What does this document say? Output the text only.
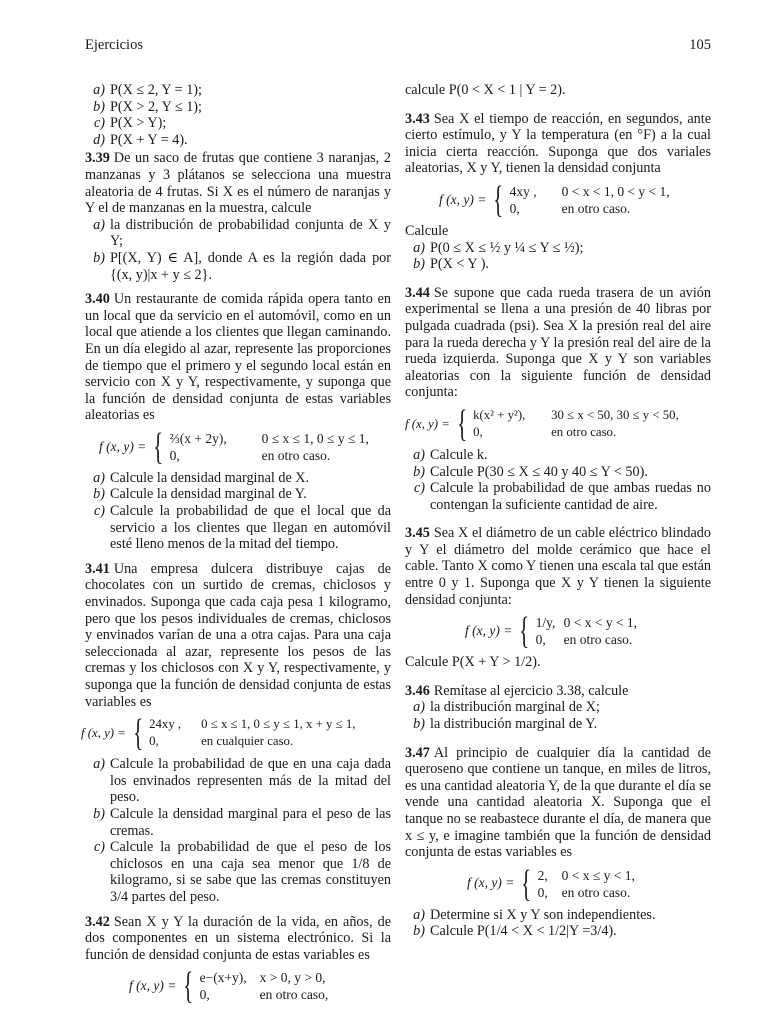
Ejercicios	105
a) P(X ≤ 2, Y = 1);
b) P(X > 2, Y ≤ 1);
c) P(X > Y);
d) P(X + Y = 4).

3.39 De un saco de frutas que contiene 3 naranjas, 2 manzanas y 3 plátanos se selecciona una muestra aleatoria de 4 frutas. Si X es el número de naranjas y Y el de manzanas en la muestra, calcule

a) la distribución de probabilidad conjunta de X y Y;
b) P[(X, Y) ∈ A], donde A es la región dada por {(x, y)|x + y ≤ 2}.

3.40 Un restaurante de comida rápida opera tanto en un local que da servicio en el automóvil, como en un local que atiende a los clientes que llegan caminando. En un día elegido al azar, represente las proporciones de tiempo que el primero y el segundo local están en servicio con X y Y, respectivamente, y suponga que la función de densidad conjunta de estas variables aleatorias es

f (x, y) = { ⅔(x + 2y),	0 ≤ x ≤ 1, 0 ≤ y ≤ 1,
0,	en otro caso.
a) Calcule la densidad marginal de X.
b) Calcule la densidad marginal de Y.
c) Calcule la probabilidad de que el local que da servicio a los clientes que llegan en automóvil esté lleno menos de la mitad del tiempo.

3.41 Una empresa dulcera distribuye cajas de chocolates con un surtido de cremas, chiclosos y envinados. Suponga que cada caja pesa 1 kilogramo, pero que los pesos individuales de cremas, chiclosos y envinados varían de una a otra cajas. Para una caja seleccionada al azar, represente los pesos de las cremas y los chiclosos con X y Y, respectivamente, y suponga que la función de densidad conjunta de estas variables es

f (x, y) = { 24xy ,	0 ≤ x ≤ 1, 0 ≤ y ≤ 1, x + y ≤ 1,
0,	en cualquier caso.
a) Calcule la probabilidad de que en una caja dada los envinados representen más de la mitad del peso.
b) Calcule la densidad marginal para el peso de las cremas.
c) Calcule la probabilidad de que el peso de los chiclosos en una caja sea menor que 1/8 de kilogramo, si se sabe que las cremas constituyen 3/4 partes del peso.

3.42 Sean X y Y la duración de la vida, en años, de dos componentes en un sistema electrónico. Si la función de densidad conjunta de estas variables es

f (x, y) = { e−(x+y), x > 0, y > 0,
0,	en otro caso,

calcule P(0 < X < 1 | Y = 2).

3.43 Sea X el tiempo de reacción, en segundos, ante cierto estímulo, y Y la temperatura (en °F) a la cual inicia cierta reacción. Suponga que dos variales aleatorias, X y Y, tienen la densidad conjunta

f (x, y) = { 4xy ,	0 < x < 1, 0 < y < 1,
0,	en otro caso.

Calcule

a) P(0 ≤ X ≤ ½ y ¼ ≤ Y ≤ ½);
b) P(X < Y ).

3.44 Se supone que cada rueda trasera de un avión experimental se llena a una presión de 40 libras por pulgada cuadrada (psi). Sea X la presión real del aire para la rueda derecha y Y la presión real del aire de la rueda izquierda. Suponga que X y Y son variables aleatorias con la siguiente función de densidad conjunta:

f (x, y) = { k(x² + y²),	30 ≤ x < 50, 30 ≤ y < 50,
0,	en otro caso.
a) Calcule k.
b) Calcule P(30 ≤ X ≤ 40 y 40 ≤ Y < 50).
c) Calcule la probabilidad de que ambas ruedas no contengan la suficiente cantidad de aire.

3.45 Sea X el diámetro de un cable eléctrico blindado y Y el diámetro del molde cerámico que hace el cable. Tanto X como Y tienen una escala tal que están entre 0 y 1. Suponga que X y Y tienen la siguiente densidad conjunta:

f (x, y) = { 1/y, 0 < x < y < 1,
0,	en otro caso.

Calcule P(X + Y > 1/2).

3.46 Remítase al ejercicio 3.38, calcule

a) la distribución marginal de X;
b) la distribución marginal de Y.

3.47 Al principio de cualquier día la cantidad de queroseno que contiene un tanque, en miles de litros, es una cantidad aleatoria Y, de la que durante el día se vende una cantidad aleatoria X. Suponga que el tanque no se reabastece durante el día, de manera que x ≤ y, e imagine también que la función de densidad conjunta de estas variables es

f (x, y) = { 2,	0 < x ≤ y < 1,
0,	en otro caso.
a) Determine si X y Y son independientes.
b) Calcule P(1/4 < X < 1/2|Y =3/4).
